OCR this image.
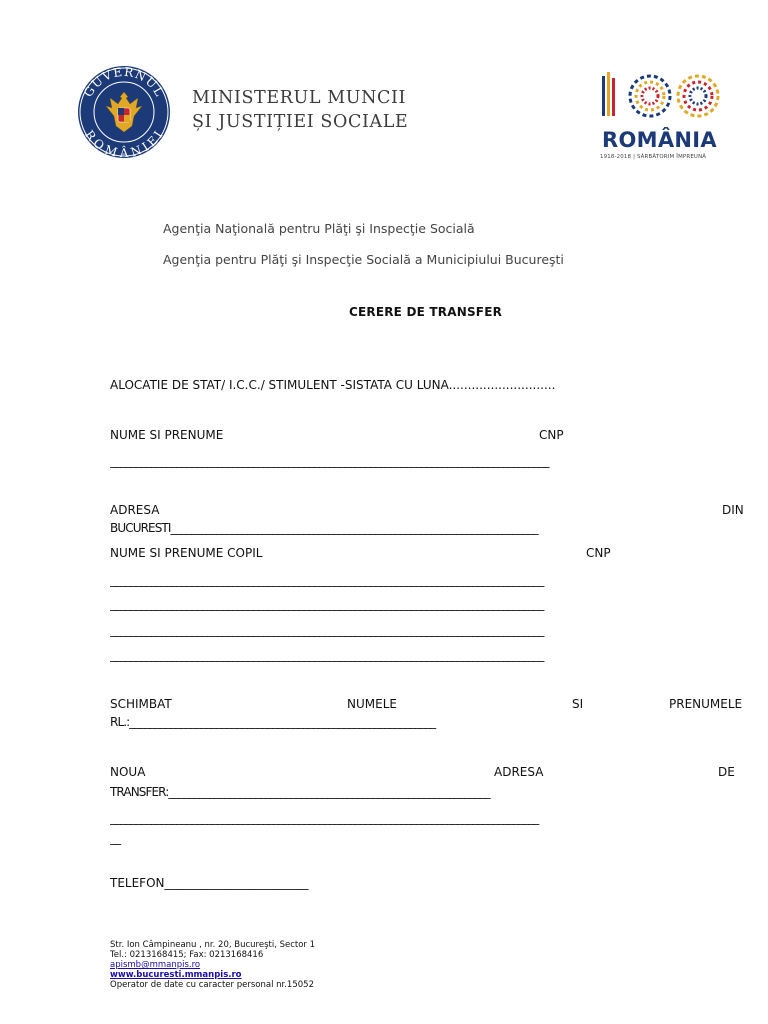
GUVERNUL
ROMÂNIEI
MINISTERUL MUNCII
ȘI JUSTIȚIEI SOCIALE
ROMÂNIA
1918-2018 | SĂRBĂTORIM ÎMPREUNĂ
Agenţia Naţională pentru Plăţi şi Inspecţie Socială
Agenţia pentru Plăţi şi Inspecţie Socială a Municipiului Bucureşti
CERERE DE TRANSFER
ALOCATIE DE STAT/ I.C.C./ STIMULENT -SISTATA CU LUNA............................
NUME SI PRENUME	CNP
______________________________________________________________________________________
ADRESA	DIN
BUCURESTI________________________________________________________________________
NUME SI PRENUME COPIL	CNP
_____________________________________________________________________________________
_____________________________________________________________________________________
_____________________________________________________________________________________
_____________________________________________________________________________________
SCHIMBAT	NUMELE	SI	PRENUMELE
RL.:____________________________________________________________
NOUA	ADRESA	DE
TRANSFER:_______________________________________________________________
____________________________________________________________________________________
__
TELEFON________________________
Str. Ion Câmpineanu , nr. 20, Bucureşti, Sector 1
Tel.: 0213168415; Fax: 0213168416
apismb@mmanpis.ro
www.bucuresti.mmanpis.ro
Operator de date cu caracter personal nr.15052
